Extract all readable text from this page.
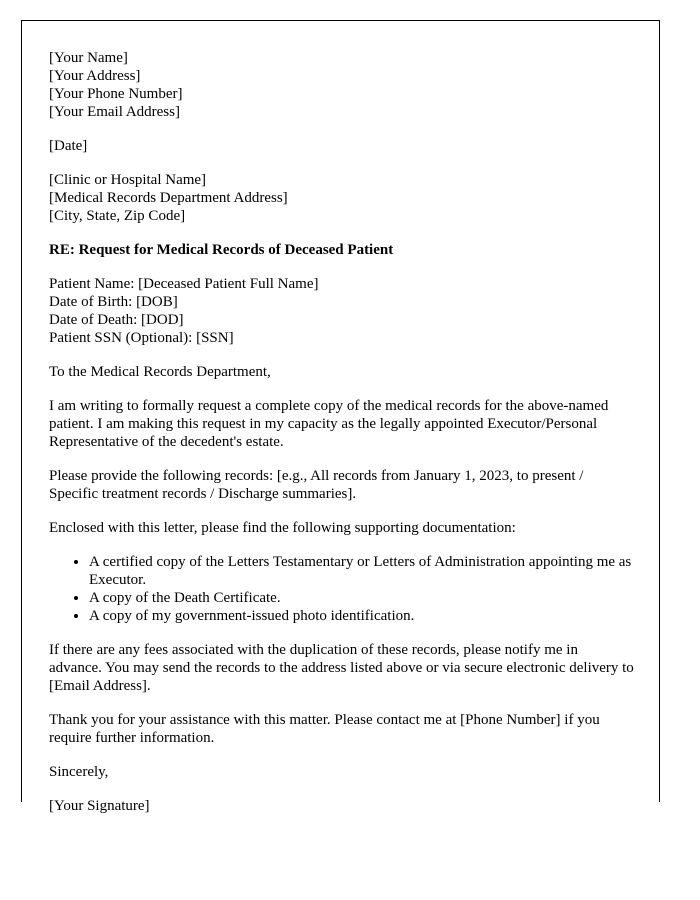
[Your Name]
[Your Address]
[Your Phone Number]
[Your Email Address]
[Date]
[Clinic or Hospital Name]
[Medical Records Department Address]
[City, State, Zip Code]
RE: Request for Medical Records of Deceased Patient
Patient Name: [Deceased Patient Full Name]
Date of Birth: [DOB]
Date of Death: [DOD]
Patient SSN (Optional): [SSN]

To the Medical Records Department,

I am writing to formally request a complete copy of the medical records for the above-named patient. I am making this request in my capacity as the legally appointed Executor/Personal Representative of the decedent's estate.

Please provide the following records: [e.g., All records from January 1, 2023, to present / Specific treatment records / Discharge summaries].

Enclosed with this letter, please find the following supporting documentation:

• A certified copy of the Letters Testamentary or Letters of Administration appointing me as Executor.
• A copy of the Death Certificate.
• A copy of my government-issued photo identification.

If there are any fees associated with the duplication of these records, please notify me in advance. You may send the records to the address listed above or via secure electronic delivery to [Email Address].

Thank you for your assistance with this matter. Please contact me at [Phone Number] if you require further information.

Sincerely,

[Your Signature]
